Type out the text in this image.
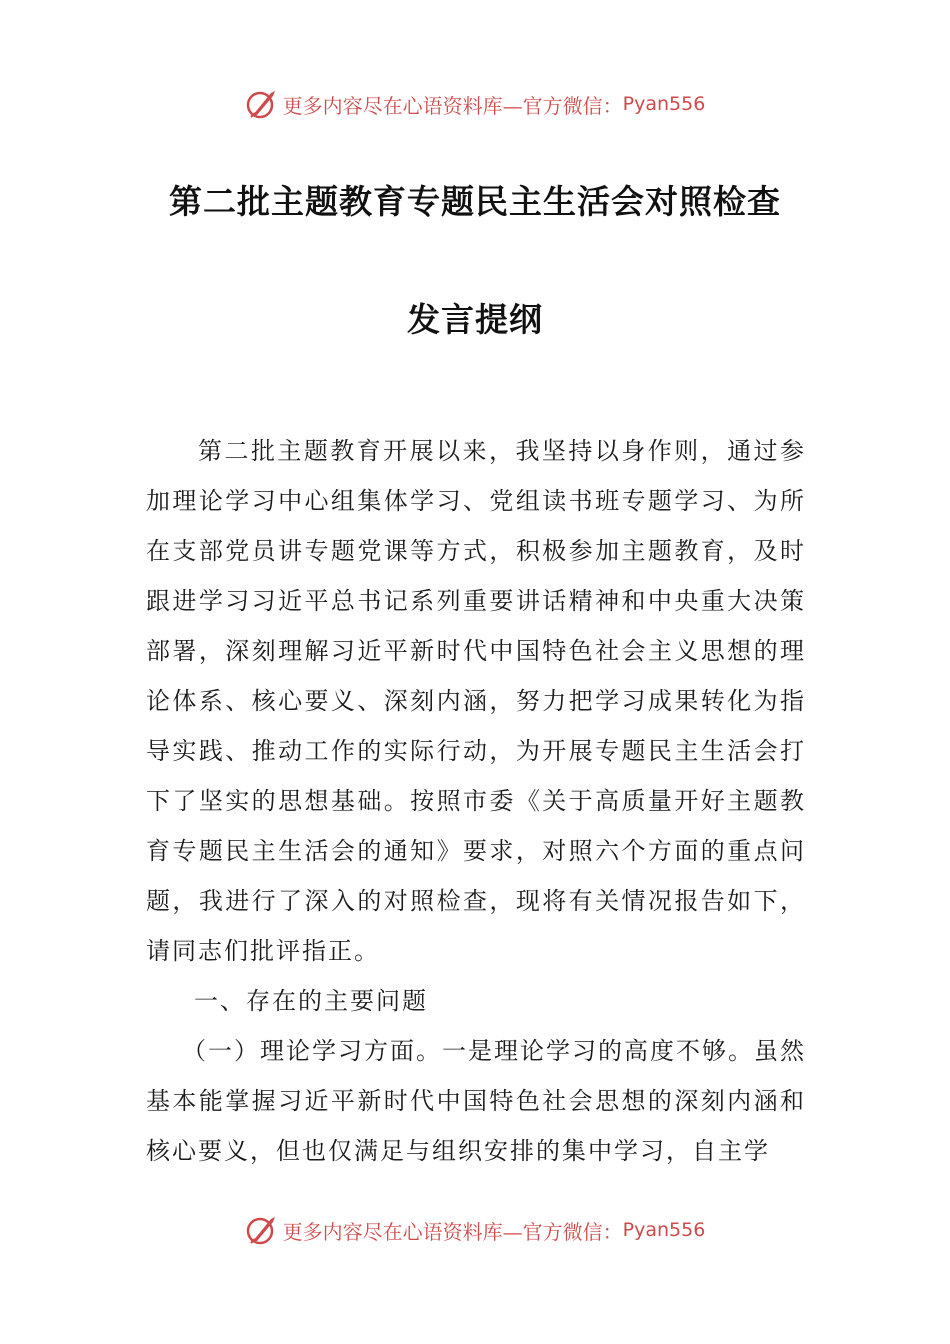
更多内容尽在心语资料库—官方微信： Pyan556
第二批主题教育专题民主生活会对照检查
发言提纲

第二批主题教育开展以来，我坚持以身作则，通过参加理论学习中心组集体学习、党组读书班专题学习、为所在支部党员讲专题党课等方式，积极参加主题教育，及时跟进学习习近平总书记系列重要讲话精神和中央重大决策部署，深刻理解习近平新时代中国特色社会主义思想的理论体系、核心要义、深刻内涵，努力把学习成果转化为指导实践、推动工作的实际行动，为开展专题民主生活会打下了坚实的思想基础。按照市委《关于高质量开好主题教育专题民主生活会的通知》要求，对照六个方面的重点问题，我进行了深入的对照检查，现将有关情况报告如下，请同志们批评指正。

一、存在的主要问题

（一）理论学习方面。一是理论学习的高度不够。虽然基本能掌握习近平新时代中国特色社会思想的深刻内涵和核心要义，但也仅满足与组织安排的集中学习，自主学

更多内容尽在心语资料库—官方微信： Pyan556
